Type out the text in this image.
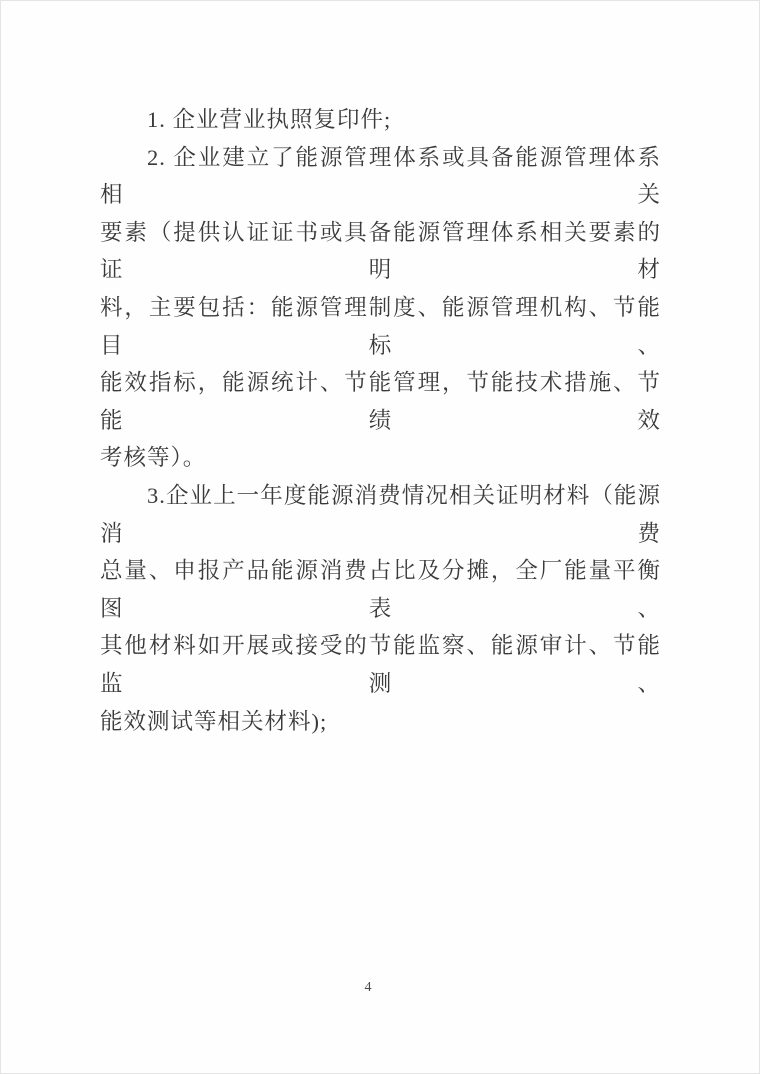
1. 企业营业执照复印件;
2. 企业建立了能源管理体系或具备能源管理体系相关
要素（提供认证证书或具备能源管理体系相关要素的证明材
料，主要包括：能源管理制度、能源管理机构、节能目标、
能效指标，能源统计、节能管理，节能技术措施、节能绩效
考核等）。
3.企业上一年度能源消费情况相关证明材料（能源消费
总量、申报产品能源消费占比及分摊，全厂能量平衡图表、
其他材料如开展或接受的节能监察、能源审计、节能监测、
能效测试等相关材料);
4
